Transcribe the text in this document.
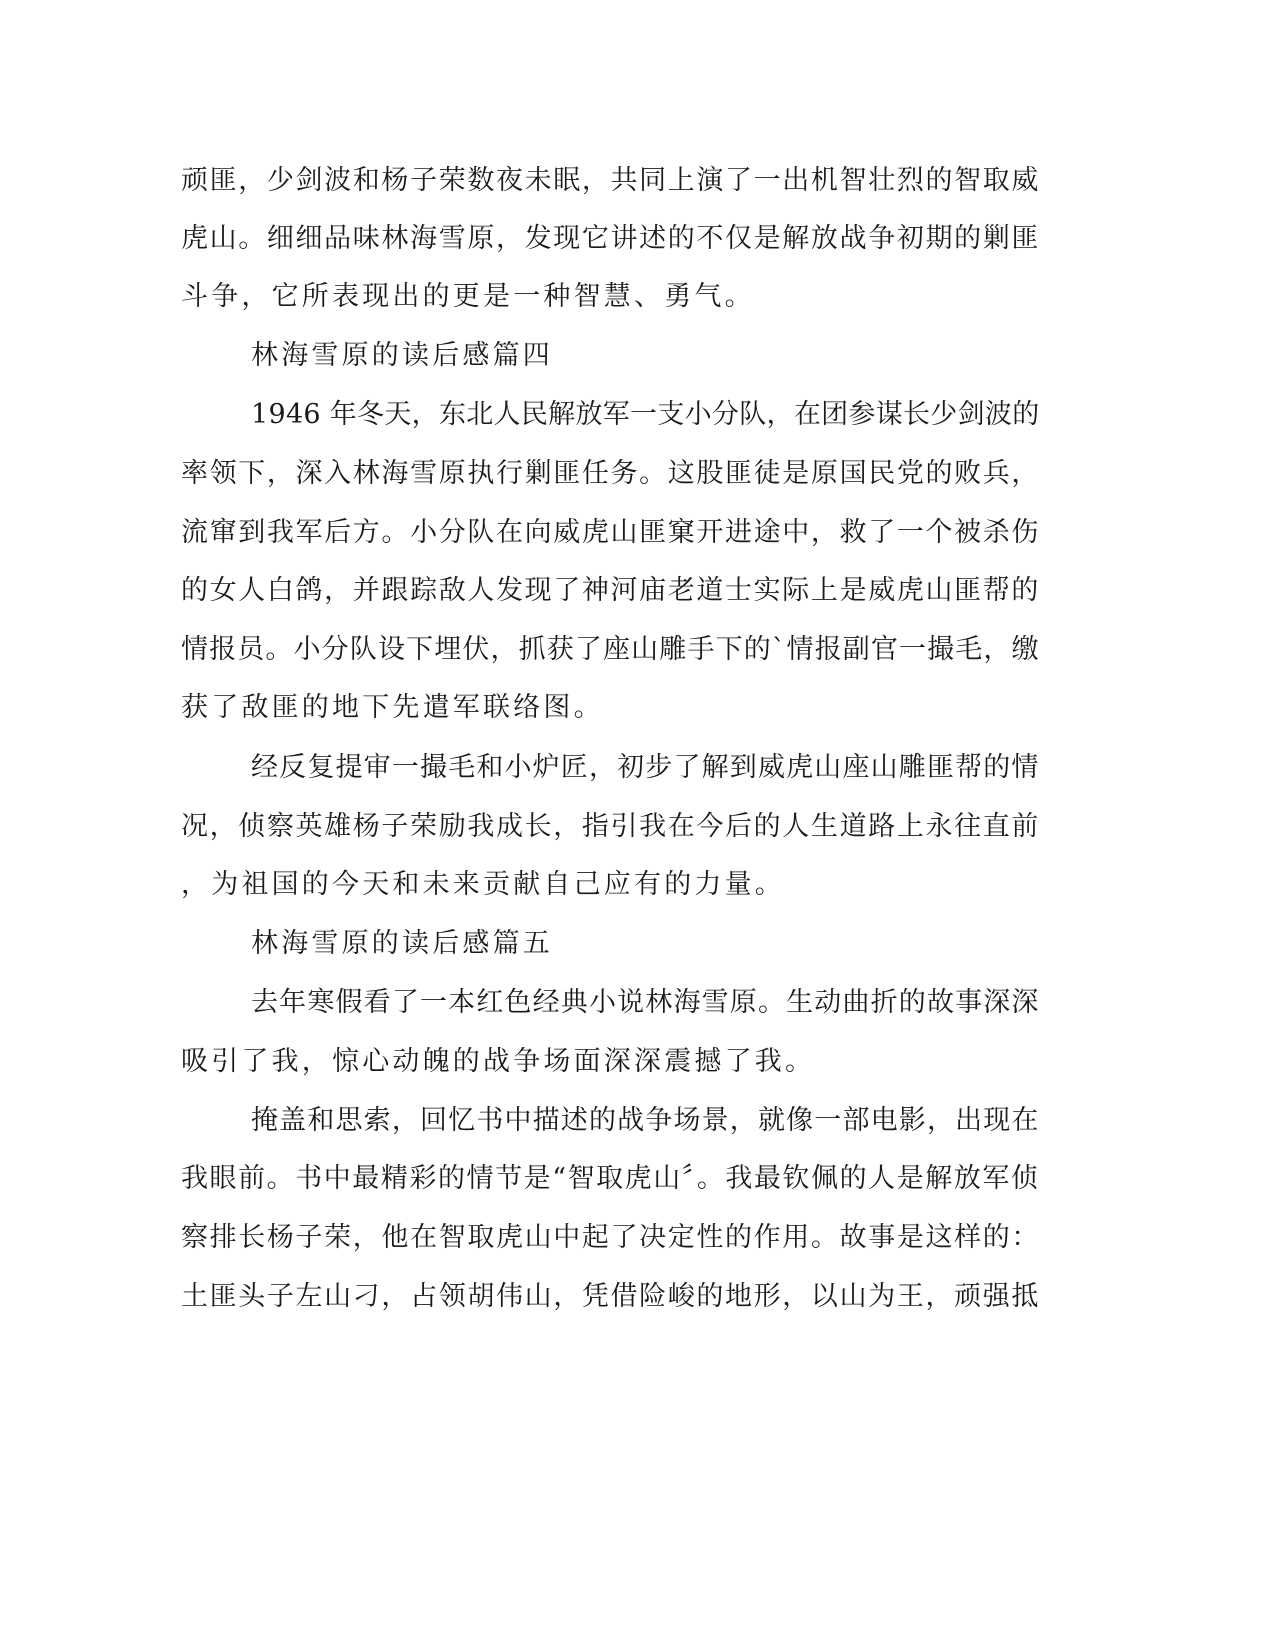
顽匪，少剑波和杨子荣数夜未眠，共同上演了一出机智壮烈的智取威
虎山。细细品味林海雪原，发现它讲述的不仅是解放战争初期的剿匪
斗争，它所表现出的更是一种智慧、勇气。
林海雪原的读后感篇四
1946 年冬天，东北人民解放军一支小分队，在团参谋长少剑波的
率领下，深入林海雪原执行剿匪任务。这股匪徒是原国民党的败兵，
流窜到我军后方。小分队在向威虎山匪窠开进途中，救了一个被杀伤
的女人白鸽，并跟踪敌人发现了神河庙老道士实际上是威虎山匪帮的
情报员。小分队设下埋伏，抓获了座山雕手下的`情报副官一撮毛，缴
获了敌匪的地下先遣军联络图。
经反复提审一撮毛和小炉匠，初步了解到威虎山座山雕匪帮的情
况，侦察英雄杨子荣励我成长，指引我在今后的人生道路上永往直前
，为祖国的今天和未来贡献自己应有的力量。
林海雪原的读后感篇五
去年寒假看了一本红色经典小说林海雪原。生动曲折的故事深深
吸引了我，惊心动魄的战争场面深深震撼了我。
掩盖和思索，回忆书中描述的战争场景，就像一部电影，出现在
我眼前。书中最精彩的情节是“智取虎山〞。我最钦佩的人是解放军侦
察排长杨子荣，他在智取虎山中起了决定性的作用。故事是这样的：
土匪头子左山刁，占领胡伟山，凭借险峻的地形，以山为王，顽强抵
